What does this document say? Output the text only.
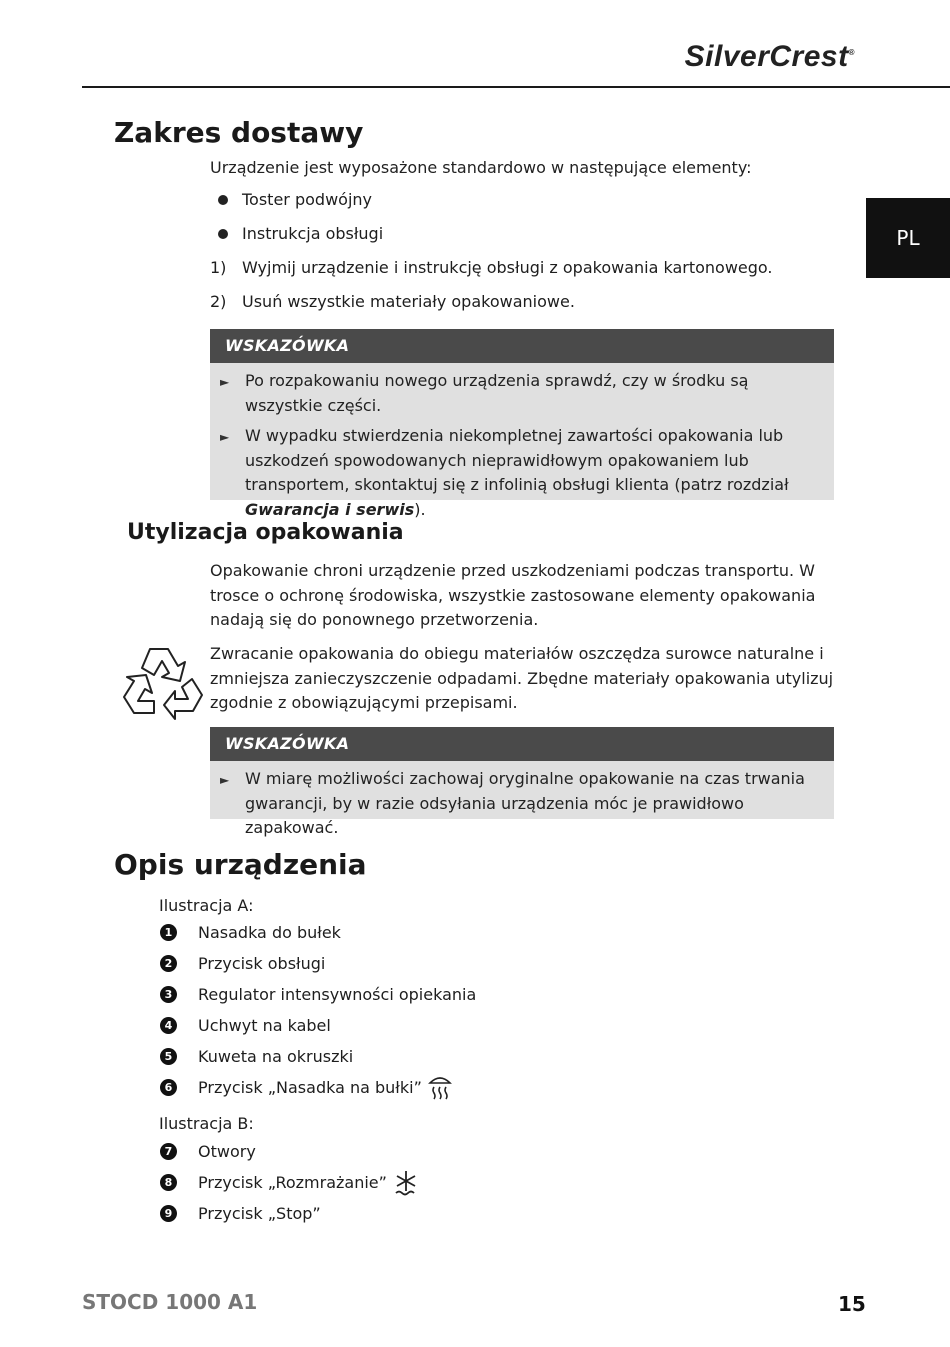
SilverCrest®
PL
Zakres dostawy
Urządzenie jest wyposażone standardowo w następujące elementy:
Toster podwójny
Instrukcja obsługi
1) Wyjmij urządzenie i instrukcję obsługi z opakowania kartonowego.
2) Usuń wszystkie materiały opakowaniowe.
WSKAZÓWKA
► Po rozpakowaniu nowego urządzenia sprawdź, czy w środku są wszystkie części.
► W wypadku stwierdzenia niekompletnej zawartości opakowania lub uszkodzeń spowodowanych nieprawidłowym opakowaniem lub transportem, skontaktuj się z infolinią obsługi klienta (patrz rozdział Gwarancja i serwis).
Utylizacja opakowania
Opakowanie chroni urządzenie przed uszkodzeniami podczas transportu. W trosce o ochronę środowiska, wszystkie zastosowane elementy opakowania nadają się do ponownego przetworzenia.
Zwracanie opakowania do obiegu materiałów oszczędza surowce naturalne i zmniejsza zanieczyszczenie odpadami. Zbędne materiały opakowania utylizuj zgodnie z obowiązującymi przepisami.
WSKAZÓWKA
► W miarę możliwości zachowaj oryginalne opakowanie na czas trwania gwarancji, by w razie odsyłania urządzenia móc je prawidłowo zapakować.
Opis urządzenia
Ilustracja A:
1 Nasadka do bułek
2 Przycisk obsługi
3 Regulator intensywności opiekania
4 Uchwyt na kabel
5 Kuweta na okruszki
6 Przycisk „Nasadka na bułki”
Ilustracja B:
7 Otwory
8 Przycisk „Rozmrażanie”
9 Przycisk „Stop”
STOCD 1000 A1	15
